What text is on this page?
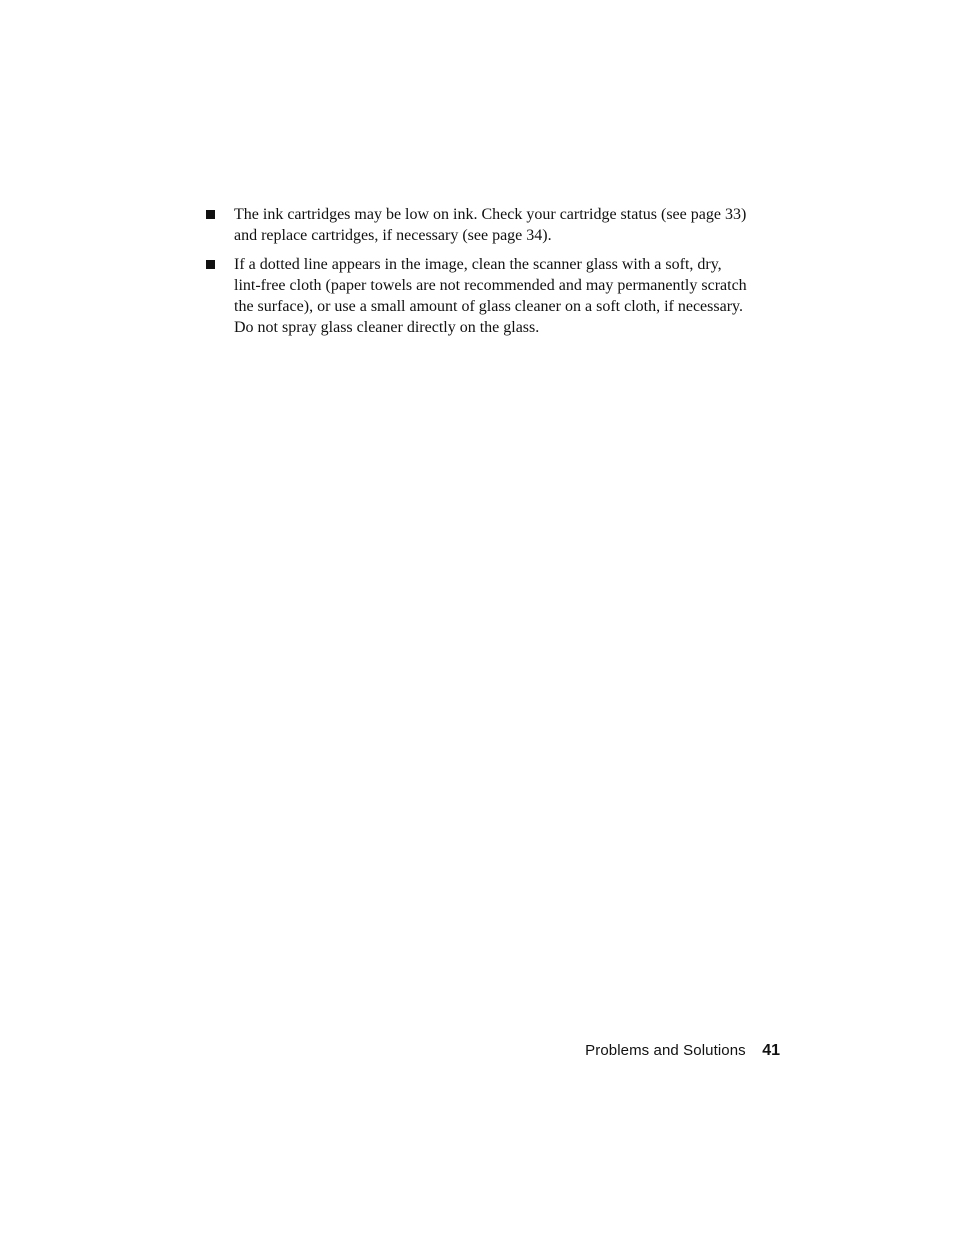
The ink cartridges may be low on ink. Check your cartridge status (see page 33) and replace cartridges, if necessary (see page 34).
If a dotted line appears in the image, clean the scanner glass with a soft, dry, lint-free cloth (paper towels are not recommended and may permanently scratch the surface), or use a small amount of glass cleaner on a soft cloth, if necessary. Do not spray glass cleaner directly on the glass.
Problems and Solutions 41
